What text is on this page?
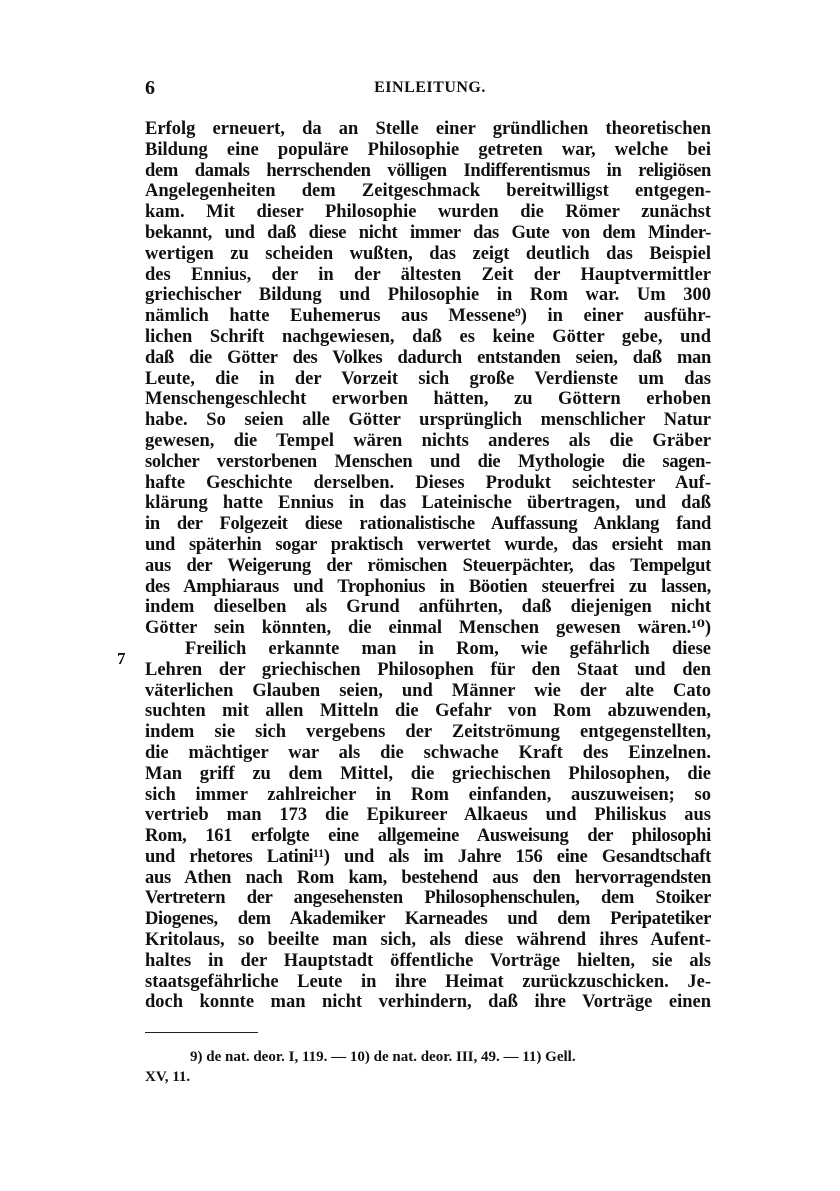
6	EINLEITUNG.
7
Erfolg erneuert, da an Stelle einer gründlichen theoretischen
Bildung eine populäre Philosophie getreten war, welche bei
dem damals herrschenden völligen Indifferentismus in religiösen
Angelegenheiten dem Zeitgeschmack bereitwilligst entgegen-
kam. Mit dieser Philosophie wurden die Römer zunächst
bekannt, und daß diese nicht immer das Gute von dem Minder-
wertigen zu scheiden wußten, das zeigt deutlich das Beispiel
des Ennius, der in der ältesten Zeit der Hauptvermittler
griechischer Bildung und Philosophie in Rom war. Um 300
nämlich hatte Euhemerus aus Messene⁹) in einer ausführ-
lichen Schrift nachgewiesen, daß es keine Götter gebe, und
daß die Götter des Volkes dadurch entstanden seien, daß man
Leute, die in der Vorzeit sich große Verdienste um das
Menschengeschlecht erworben hätten, zu Göttern erhoben
habe. So seien alle Götter ursprünglich menschlicher Natur
gewesen, die Tempel wären nichts anderes als die Gräber
solcher verstorbenen Menschen und die Mythologie die sagen-
hafte Geschichte derselben. Dieses Produkt seichtester Auf-
klärung hatte Ennius in das Lateinische übertragen, und daß
in der Folgezeit diese rationalistische Auffassung Anklang fand
und späterhin sogar praktisch verwertet wurde, das ersieht man
aus der Weigerung der römischen Steuerpächter, das Tempelgut
des Amphiaraus und Trophonius in Böotien steuerfrei zu lassen,
indem dieselben als Grund anführten, daß diejenigen nicht
Götter sein könnten, die einmal Menschen gewesen wären.¹⁰)
Freilich erkannte man in Rom, wie gefährlich diese
Lehren der griechischen Philosophen für den Staat und den
väterlichen Glauben seien, und Männer wie der alte Cato
suchten mit allen Mitteln die Gefahr von Rom abzuwenden,
indem sie sich vergebens der Zeitströmung entgegenstellten,
die mächtiger war als die schwache Kraft des Einzelnen.
Man griff zu dem Mittel, die griechischen Philosophen, die
sich immer zahlreicher in Rom einfanden, auszuweisen; so
vertrieb man 173 die Epikureer Alkaeus und Philiskus aus
Rom, 161 erfolgte eine allgemeine Ausweisung der philosophi
und rhetores Latini¹¹) und als im Jahre 156 eine Gesandtschaft
aus Athen nach Rom kam, bestehend aus den hervorragendsten
Vertretern der angesehensten Philosophenschulen, dem Stoiker
Diogenes, dem Akademiker Karneades und dem Peripatetiker
Kritolaus, so beeilte man sich, als diese während ihres Aufent-
haltes in der Hauptstadt öffentliche Vorträge hielten, sie als
staatsgefährliche Leute in ihre Heimat zurückzuschicken. Je-
doch konnte man nicht verhindern, daß ihre Vorträge einen
9) de nat. deor. I, 119. — 10) de nat. deor. III, 49. — 11) Gell.
XV, 11.
